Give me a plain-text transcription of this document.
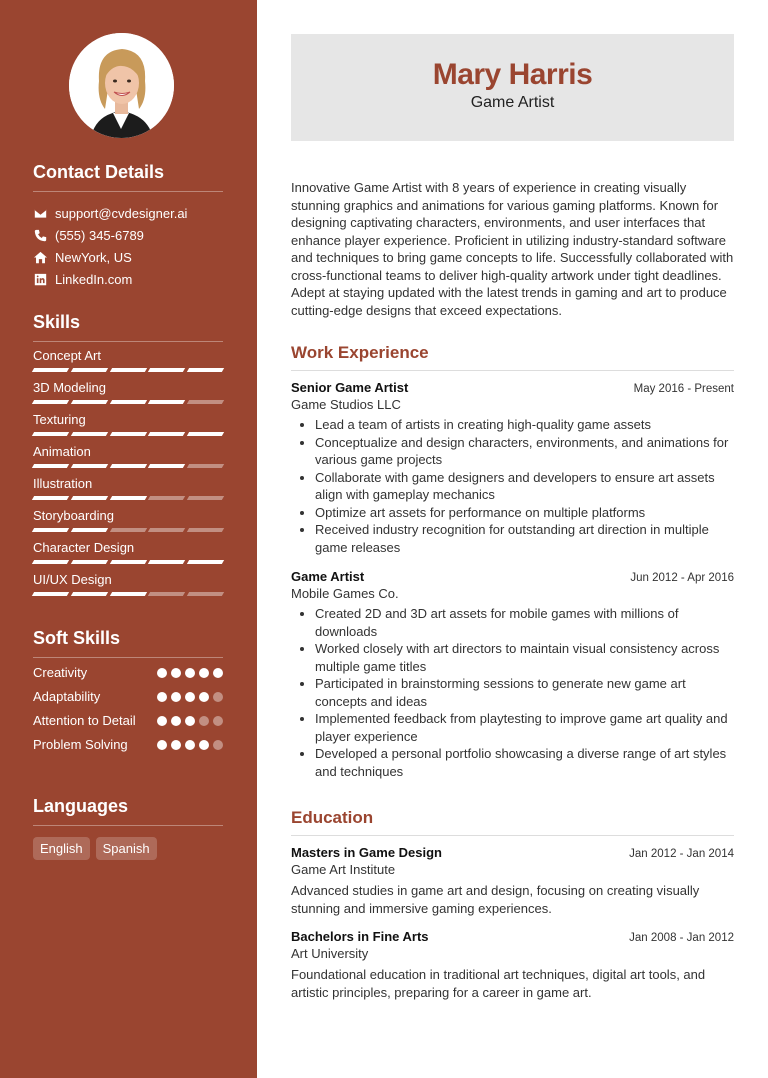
Contact Details
support@cvdesigner.ai
(555) 345-6789
NewYork, US
LinkedIn.com
Skills
Concept Art
3D Modeling
Texturing
Animation
Illustration
Storyboarding
Character Design
UI/UX Design
Soft Skills
Creativity
Adaptability
Attention to Detail
Problem Solving
Languages
English	Spanish
Mary Harris
Game Artist
Innovative Game Artist with 8 years of experience in creating visually stunning graphics and animations for various gaming platforms. Known for designing captivating characters, environments, and user interfaces that enhance player experience. Proficient in utilizing industry-standard software and techniques to bring game concepts to life. Successfully collaborated with cross-functional teams to deliver high-quality artwork under tight deadlines. Adept at staying updated with the latest trends in gaming and art to produce cutting-edge designs that exceed expectations.
Work Experience
Senior Game Artist	May 2016 - Present
Game Studios LLC
• Lead a team of artists in creating high-quality game assets
• Conceptualize and design characters, environments, and animations for various game projects
• Collaborate with game designers and developers to ensure art assets align with gameplay mechanics
• Optimize art assets for performance on multiple platforms
• Received industry recognition for outstanding art direction in multiple game releases
Game Artist	Jun 2012 - Apr 2016
Mobile Games Co.
• Created 2D and 3D art assets for mobile games with millions of downloads
• Worked closely with art directors to maintain visual consistency across multiple game titles
• Participated in brainstorming sessions to generate new game art concepts and ideas
• Implemented feedback from playtesting to improve game art quality and player experience
• Developed a personal portfolio showcasing a diverse range of art styles and techniques
Education
Masters in Game Design	Jan 2012 - Jan 2014
Game Art Institute
Advanced studies in game art and design, focusing on creating visually stunning and immersive gaming experiences.
Bachelors in Fine Arts	Jan 2008 - Jan 2012
Art University
Foundational education in traditional art techniques, digital art tools, and artistic principles, preparing for a career in game art.
